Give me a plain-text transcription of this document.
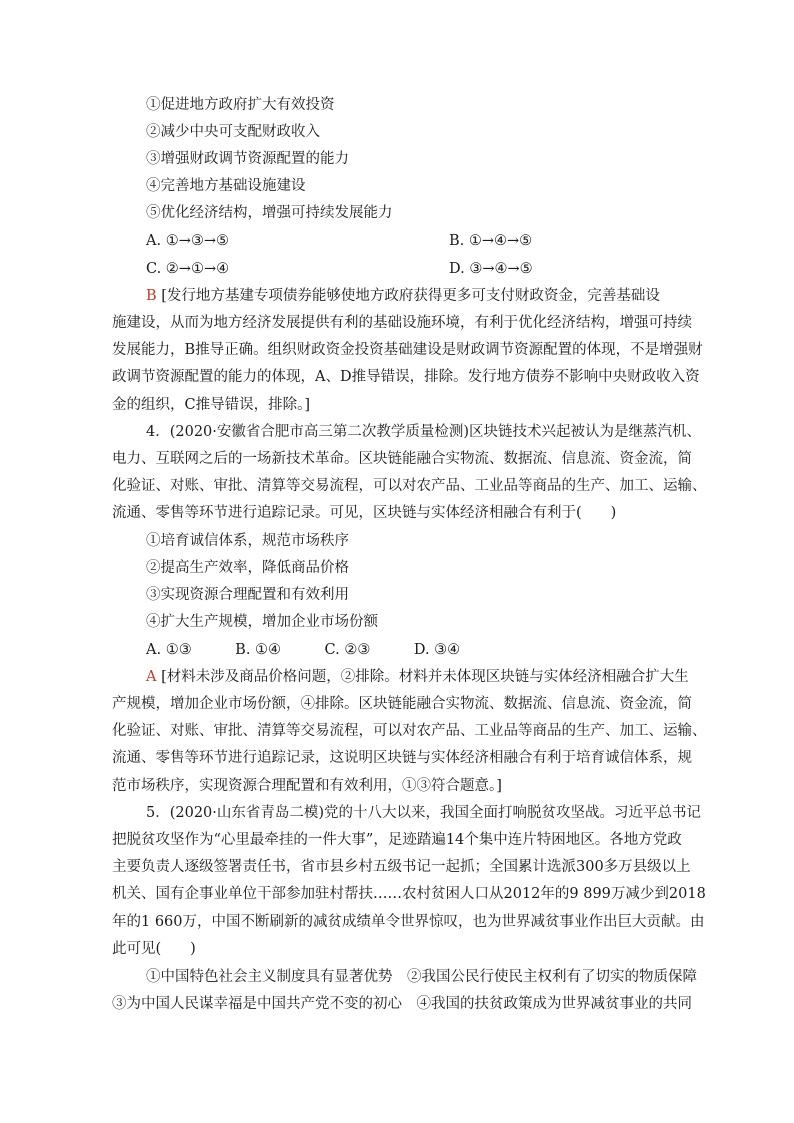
①促进地方政府扩大有效投资
②减少中央可支配财政收入
③增强财政调节资源配置的能力
④完善地方基础设施建设
⑤优化经济结构，增强可持续发展能力
A. ①→③→⑤	B. ①→④→⑤
C. ②→①→④	D. ③→④→⑤
B [发行地方基建专项债券能够使地方政府获得更多可支付财政资金，完善基础设
施建设，从而为地方经济发展提供有利的基础设施环境，有利于优化经济结构，增强可持续
发展能力，B推导正确。组织财政资金投资基础建设是财政调节资源配置的体现，不是增强财
政调节资源配置的能力的体现，A、D推导错误，排除。发行地方债券不影响中央财政收入资
金的组织，C推导错误，排除。]
4．(2020·安徽省合肥市高三第二次教学质量检测)区块链技术兴起被认为是继蒸汽机、
电力、互联网之后的一场新技术革命。区块链能融合实物流、数据流、信息流、资金流，简
化验证、对账、审批、清算等交易流程，可以对农产品、工业品等商品的生产、加工、运输、
流通、零售等环节进行追踪记录。可见，区块链与实体经济相融合有利于(　　)
①培育诚信体系，规范市场秩序
②提高生产效率，降低商品价格
③实现资源合理配置和有效利用
④扩大生产规模，增加企业市场份额
A. ①③　　　B. ①④　　　C. ②③　　　D. ③④
A [材料未涉及商品价格问题，②排除。材料并未体现区块链与实体经济相融合扩大生
产规模，增加企业市场份额，④排除。区块链能融合实物流、数据流、信息流、资金流，简
化验证、对账、审批、清算等交易流程，可以对农产品、工业品等商品的生产、加工、运输、
流通、零售等环节进行追踪记录，这说明区块链与实体经济相融合有利于培育诚信体系，规
范市场秩序，实现资源合理配置和有效利用，①③符合题意。]
5．(2020·山东省青岛二模)党的十八大以来，我国全面打响脱贫攻坚战。习近平总书记
把脱贫攻坚作为“心里最牵挂的一件大事”，足迹踏遍14个集中连片特困地区。各地方党政
主要负责人逐级签署责任书，省市县乡村五级书记一起抓；全国累计选派300多万县级以上
机关、国有企事业单位干部参加驻村帮扶……农村贫困人口从2012年的9 899万减少到2018
年的1 660万，中国不断刷新的减贫成绩单令世界惊叹，也为世界减贫事业作出巨大贡献。由
此可见(　　)
①中国特色社会主义制度具有显著优势　②我国公民行使民主权利有了切实的物质保障
③为中国人民谋幸福是中国共产党不变的初心　④我国的扶贫政策成为世界减贫事业的共同
